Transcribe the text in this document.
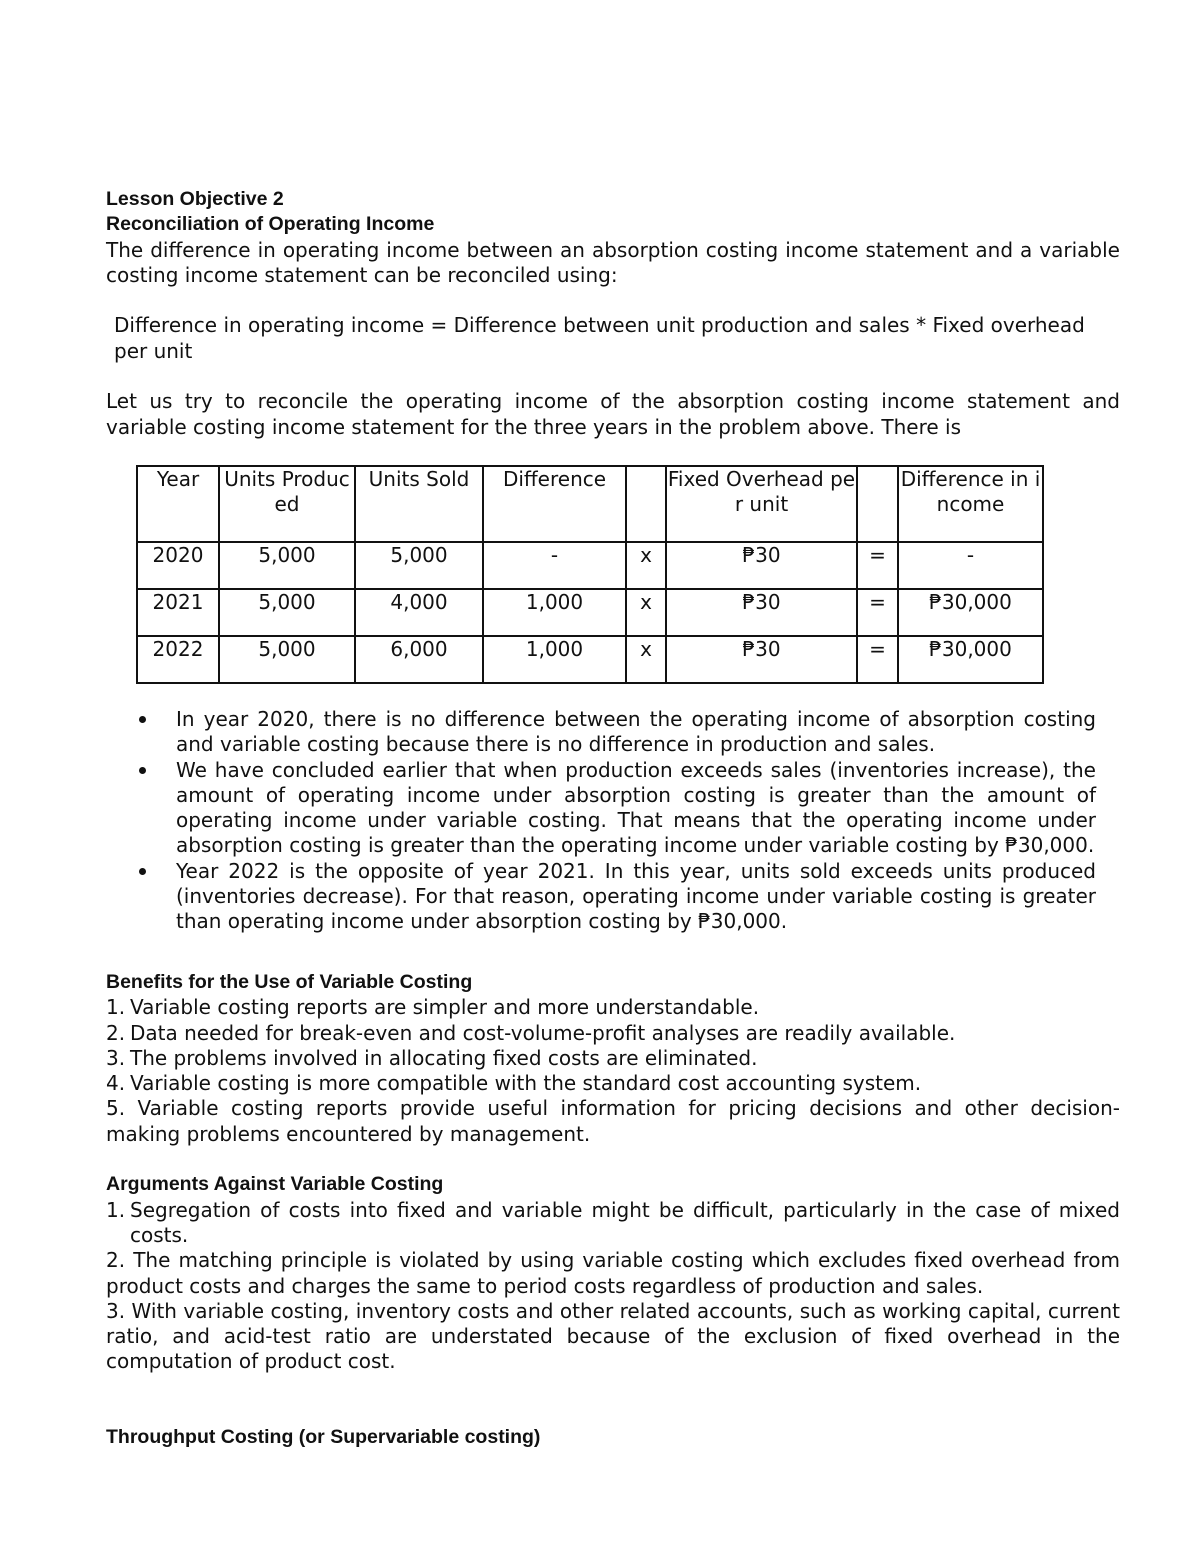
Lesson Objective 2

Reconciliation of Operating Income

The difference in operating income between an absorption costing income statement and a variable costing income statement can be reconciled using:

Difference in operating income = Difference between unit production and sales * Fixed overhead per unit

Let us try to reconcile the operating income of the absorption costing income statement and variable costing income statement for the three years in the problem above. There is

Year	Units Produced	Units Sold	Difference		Fixed Overhead per unit		Difference in income
2020	5,000	5,000	-	x	₱30	=	-
2021	5,000	4,000	1,000	x	₱30	=	₱30,000
2022	5,000	6,000	1,000	x	₱30	=	₱30,000

In year 2020, there is no difference between the operating income of absorption costing and variable costing because there is no difference in production and sales.

We have concluded earlier that when production exceeds sales (inventories increase), the amount of operating income under absorption costing is greater than the amount of operating income under variable costing. That means that the operating income under absorption costing is greater than the operating income under variable costing by ₱30,000.

Year 2022 is the opposite of year 2021. In this year, units sold exceeds units produced (inventories decrease). For that reason, operating income under variable costing is greater than operating income under absorption costing by ₱30,000.

Benefits for the Use of Variable Costing

1. Variable costing reports are simpler and more understandable.
2. Data needed for break-even and cost-volume-profit analyses are readily available.
3. The problems involved in allocating fixed costs are eliminated.
4. Variable costing is more compatible with the standard cost accounting system.

5. Variable costing reports provide useful information for pricing decisions and other decision-making problems encountered by management.

Arguments Against Variable Costing

1. Segregation of costs into fixed and variable might be difficult, particularly in the case of mixed costs.

2. The matching principle is violated by using variable costing which excludes fixed overhead from product costs and charges the same to period costs regardless of production and sales.

3. With variable costing, inventory costs and other related accounts, such as working capital, current ratio, and acid-test ratio are understated because of the exclusion of fixed overhead in the computation of product cost.

Throughput Costing (or Supervariable costing)
